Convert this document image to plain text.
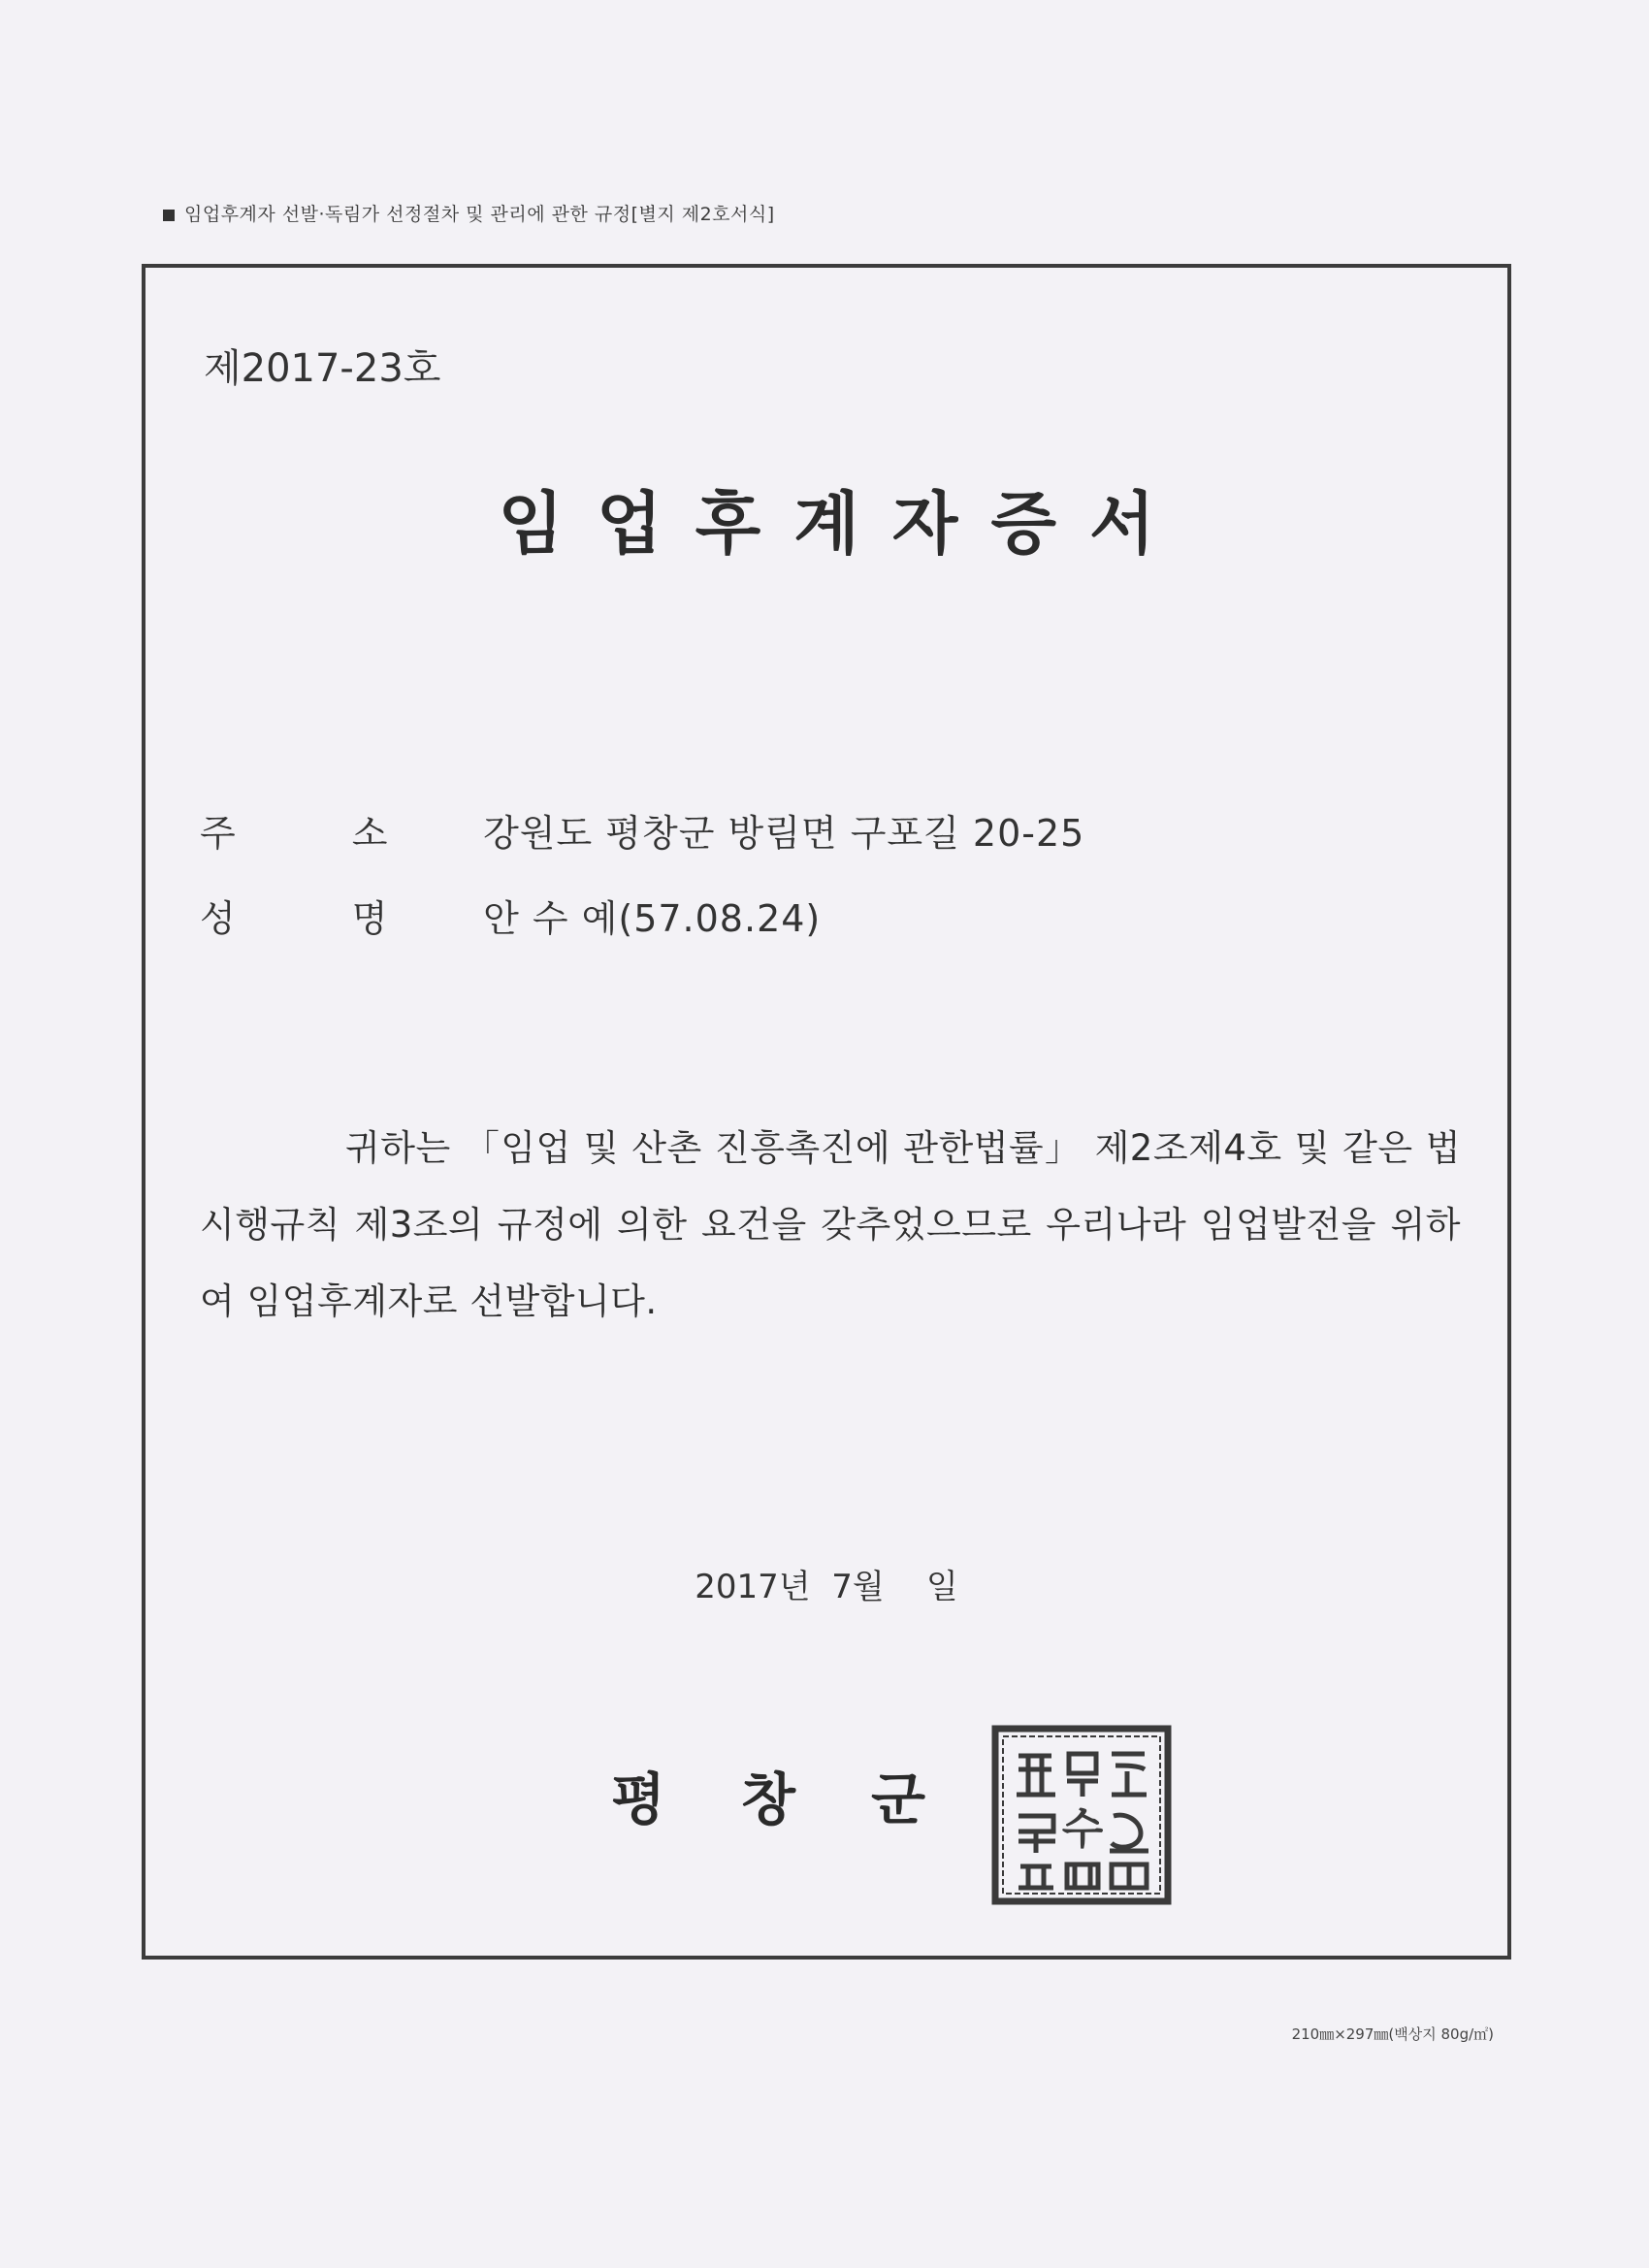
임업후계자 선발·독림가 선정절차 및 관리에 관한 규정[별지 제2호서식]
제2017-23호
임업후계자증서
주	소	강원도 평창군 방림면 구포길 20-25
성	명	안 수 예(57.08.24)
귀하는 「임업 및 산촌 진흥촉진에 관한법률」 제2조제4호 및 같은 법 시행규칙 제3조의 규정에 의한 요건을 갖추었으므로 우리나라 임업발전을 위하여 임업후계자로 선발합니다.
2017년  7월    일
평창군 수
210㎜×297㎜(백상지 80g/㎡)
